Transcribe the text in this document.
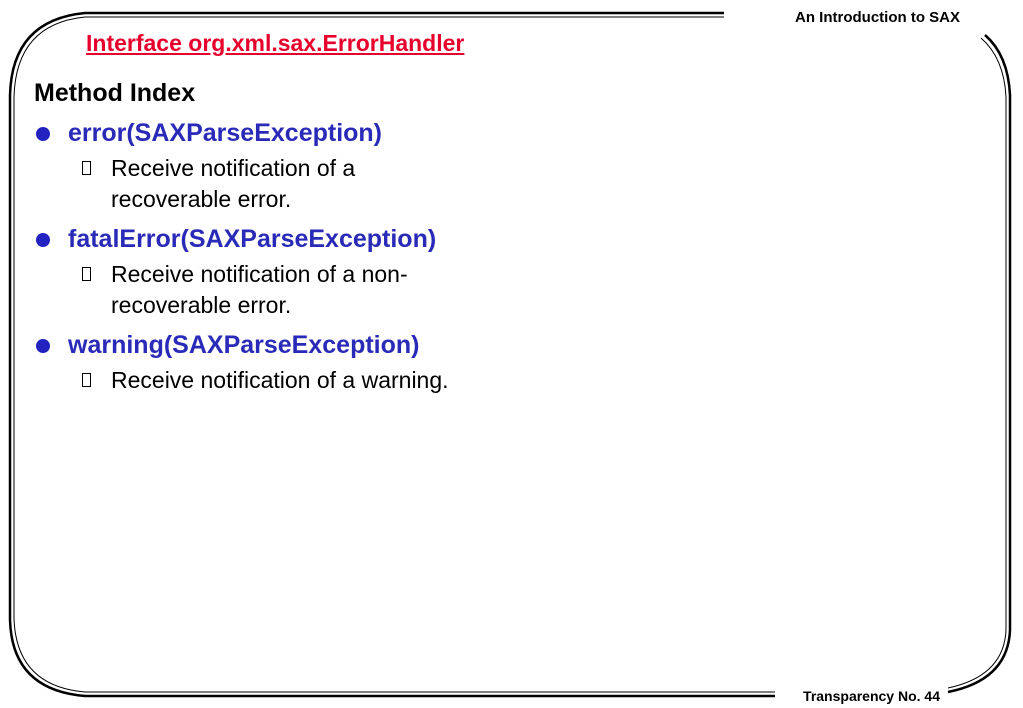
An Introduction to SAX
Interface org.xml.sax.ErrorHandler
Method Index
error(SAXParseException)
Receive notification of a recoverable error.
fatalError(SAXParseException)
Receive notification of a non-recoverable error.
warning(SAXParseException)
Receive notification of a warning.
Transparency No. 44
